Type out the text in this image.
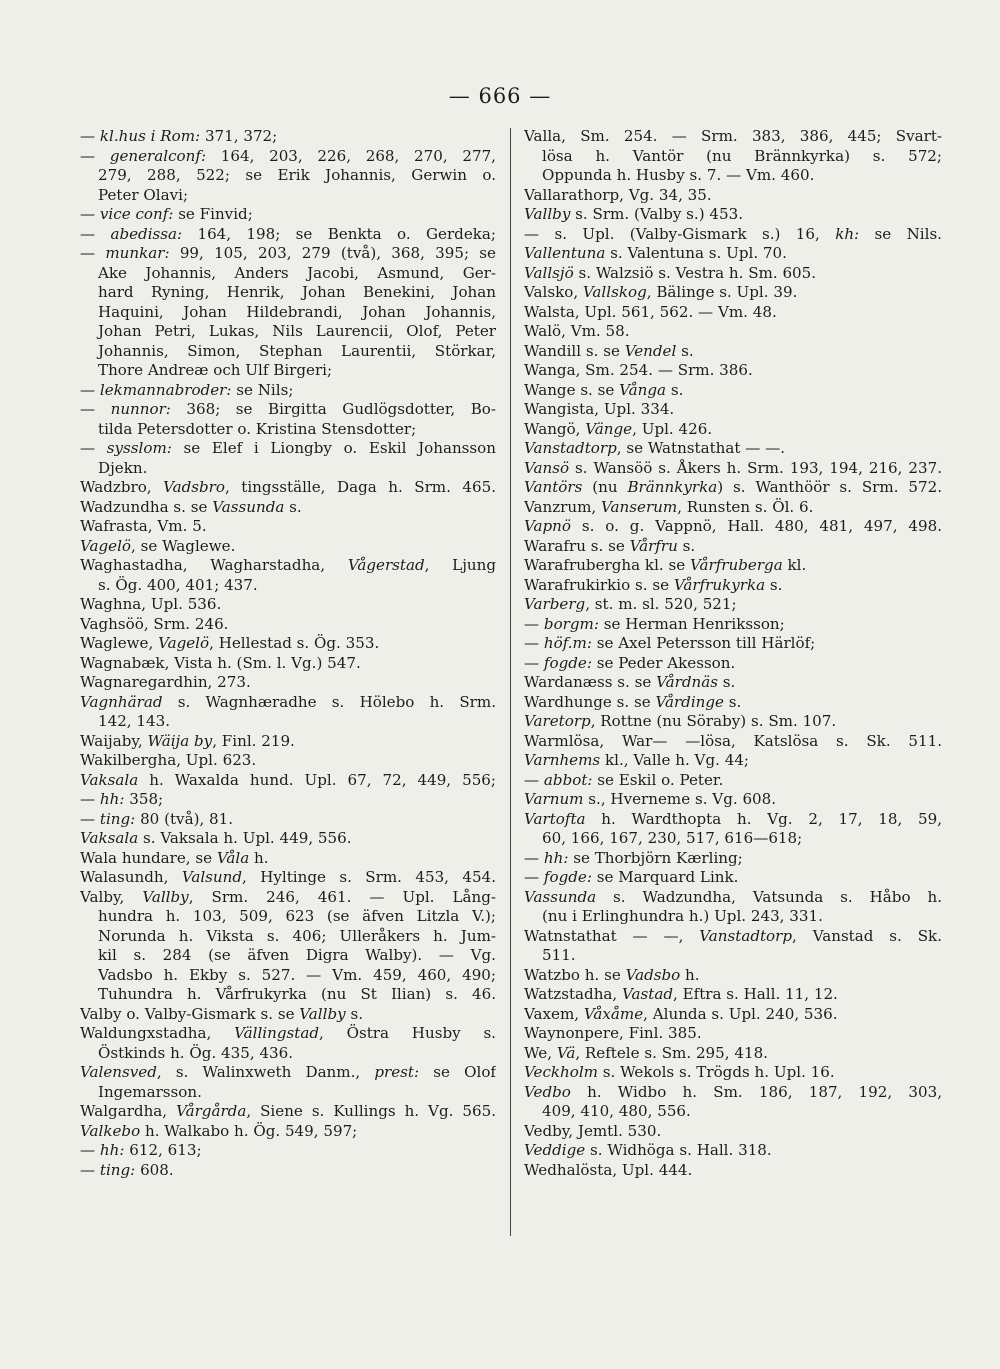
— 666 —
— kl.hus i Rom: 371, 372;
— generalconf: 164, 203, 226, 268, 270, 277,
279, 288, 522; se Erik Johannis, Gerwin o.
Peter Olavi;
— vice conf: se Finvid;
— abedissa: 164, 198; se Benkta o. Gerdeka;
— munkar: 99, 105, 203, 279 (två), 368, 395; se
Ake Johannis, Anders Jacobi, Asmund, Ger-
hard Ryning, Henrik, Johan Benekini, Johan
Haquini, Johan Hildebrandi, Johan Johannis,
Johan Petri, Lukas, Nils Laurencii, Olof, Peter
Johannis, Simon, Stephan Laurentii, Störkar,
Thore Andreæ och Ulf Birgeri;
— lekmannabroder: se Nils;
— nunnor: 368; se Birgitta Gudlögsdotter, Bo-
tilda Petersdotter o. Kristina Stensdotter;
— sysslom: se Elef i Liongby o. Eskil Johansson
Djekn.
Wadzbro, Vadsbro, tingsställe, Daga h. Srm. 465.
Wadzundha s. se Vassunda s.
Wafrasta, Vm. 5.
Vagelö, se Waglewe.
Waghastadha, Wagharstadha, Vågerstad, Ljung
s. Ög. 400, 401; 437.
Waghna, Upl. 536.
Vaghsöö, Srm. 246.
Waglewe, Vagelö, Hellestad s. Ög. 353.
Wagnabæk, Vista h. (Sm. l. Vg.) 547.
Wagnaregardhin, 273.
Vagnhärad s. Wagnhæradhe s. Hölebo h. Srm.
142, 143.
Waijaby, Wäija by, Finl. 219.
Wakilbergha, Upl. 623.
Vaksala h. Waxalda hund. Upl. 67, 72, 449, 556;
— hh: 358;
— ting: 80 (två), 81.
Vaksala s. Vaksala h. Upl. 449, 556.
Wala hundare, se Våla h.
Walasundh, Valsund, Hyltinge s. Srm. 453, 454.
Valby, Vallby, Srm. 246, 461. — Upl. Lång-
hundra h. 103, 509, 623 (se äfven Litzla V.);
Norunda h. Viksta s. 406; Ulleråkers h. Jum-
kil s. 284 (se äfven Digra Walby). — Vg.
Vadsbo h. Ekby s. 527. — Vm. 459, 460, 490;
Tuhundra h. Vårfrukyrka (nu St Ilian) s. 46.
Valby o. Valby-Gismark s. se Vallby s.
Waldungxstadha, Vällingstad, Östra Husby s.
Östkinds h. Ög. 435, 436.
Valensved, s. Walinxweth Danm., prest: se Olof
Ingemarsson.
Walgardha, Vårgårda, Siene s. Kullings h. Vg. 565.
Valkebo h. Walkabo h. Ög. 549, 597;
— hh: 612, 613;
— ting: 608.
Valla, Sm. 254. — Srm. 383, 386, 445; Svart-
lösa h. Vantör (nu Brännkyrka) s. 572;
Oppunda h. Husby s. 7. — Vm. 460.
Vallarathorp, Vg. 34, 35.
Vallby s. Srm. (Valby s.) 453.
— s. Upl. (Valby-Gismark s.) 16, kh: se Nils.
Vallentuna s. Valentuna s. Upl. 70.
Vallsjö s. Walzsiö s. Vestra h. Sm. 605.
Valsko, Vallskog, Bälinge s. Upl. 39.
Walsta, Upl. 561, 562. — Vm. 48.
Walö, Vm. 58.
Wandill s. se Vendel s.
Wanga, Sm. 254. — Srm. 386.
Wange s. se Vånga s.
Wangista, Upl. 334.
Wangö, Vänge, Upl. 426.
Vanstadtorp, se Watnstathat — —.
Vansö s. Wansöö s. Åkers h. Srm. 193, 194, 216, 237.
Vantörs (nu Brännkyrka) s. Wanthöör s. Srm. 572.
Vanzrum, Vanserum, Runsten s. Öl. 6.
Vapnö s. o. g. Vappnö, Hall. 480, 481, 497, 498.
Warafru s. se Vårfru s.
Warafrubergha kl. se Vårfruberga kl.
Warafrukirkio s. se Vårfrukyrka s.
Varberg, st. m. sl. 520, 521;
— borgm: se Herman Henriksson;
— höf.m: se Axel Petersson till Härlöf;
— fogde: se Peder Akesson.
Wardanæss s. se Vårdnäs s.
Wardhunge s. se Vårdinge s.
Varetorp, Rottne (nu Söraby) s. Sm. 107.
Warmlösa, War— —lösa, Katslösa s. Sk. 511.
Varnhems kl., Valle h. Vg. 44;
— abbot: se Eskil o. Peter.
Varnum s., Hverneme s. Vg. 608.
Vartofta h. Wardthopta h. Vg. 2, 17, 18, 59,
60, 166, 167, 230, 517, 616—618;
— hh: se Thorbjörn Kærling;
— fogde: se Marquard Link.
Vassunda s. Wadzundha, Vatsunda s. Håbo h.
(nu i Erlinghundra h.) Upl. 243, 331.
Watnstathat — —, Vanstadtorp, Vanstad s. Sk.
511.
Watzbo h. se Vadsbo h.
Watzstadha, Vastad, Eftra s. Hall. 11, 12.
Vaxem, Våxåme, Alunda s. Upl. 240, 536.
Waynonpere, Finl. 385.
We, Vä, Reftele s. Sm. 295, 418.
Veckholm s. Wekols s. Trögds h. Upl. 16.
Vedbo h. Widbo h. Sm. 186, 187, 192, 303,
409, 410, 480, 556.
Vedby, Jemtl. 530.
Veddige s. Widhöga s. Hall. 318.
Wedhalösta, Upl. 444.
